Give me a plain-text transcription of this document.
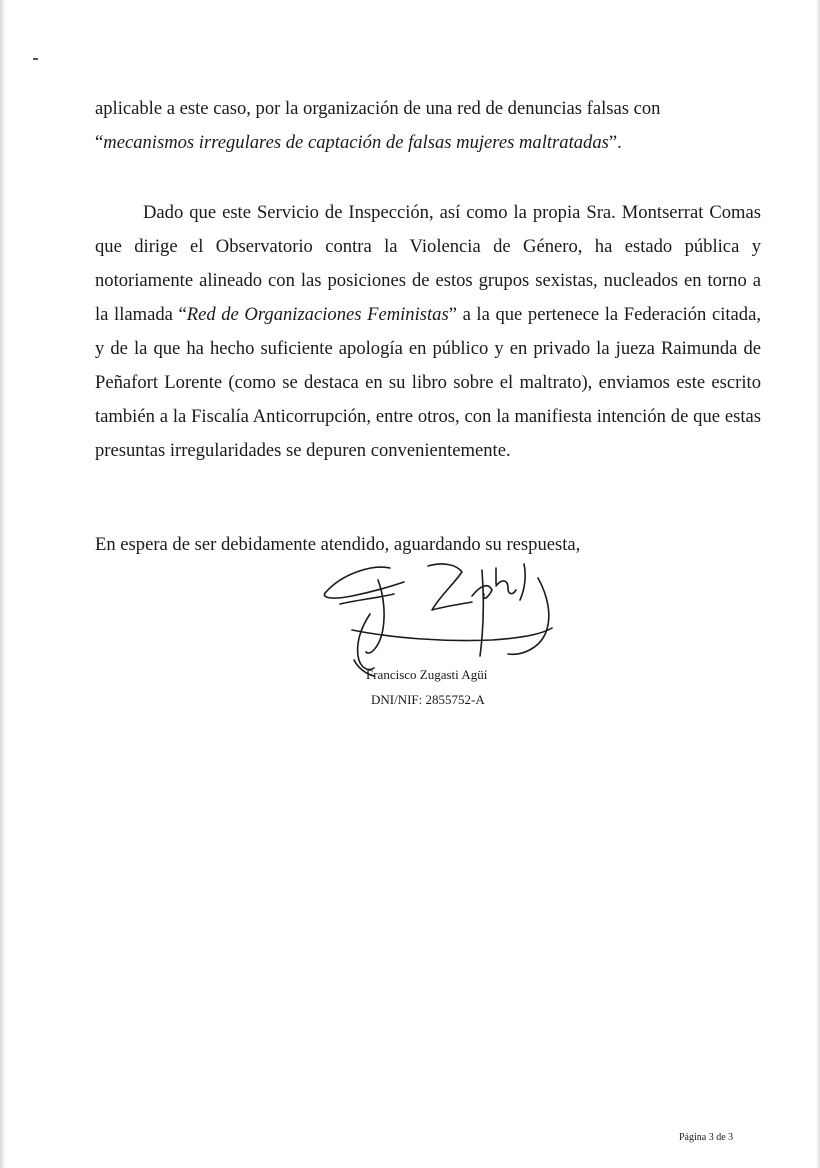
aplicable a este caso, por la organización de una red de denuncias falsas con
“mecanismos irregulares de captación de falsas mujeres maltratadas”.

Dado que este Servicio de Inspección, así como la propia Sra. Montserrat Comas que dirige el Observatorio contra la Violencia de Género, ha estado pública y notoriamente alineado con las posiciones de estos grupos sexistas, nucleados en torno a la llamada “Red de Organizaciones Feministas” a la que pertenece la Federación citada, y de la que ha hecho suficiente apología en público y en privado la jueza Raimunda de Peñafort Lorente (como se destaca en su libro sobre el maltrato), enviamos este escrito también a la Fiscalía Anticorrupción, entre otros, con la manifiesta intención de que estas presuntas irregularidades se depuren convenientemente.

En espera de ser debidamente atendido, aguardando su respuesta,

Francisco Zugasti Agüí
DNI/NIF: 2855752-A
Página 3 de 3
